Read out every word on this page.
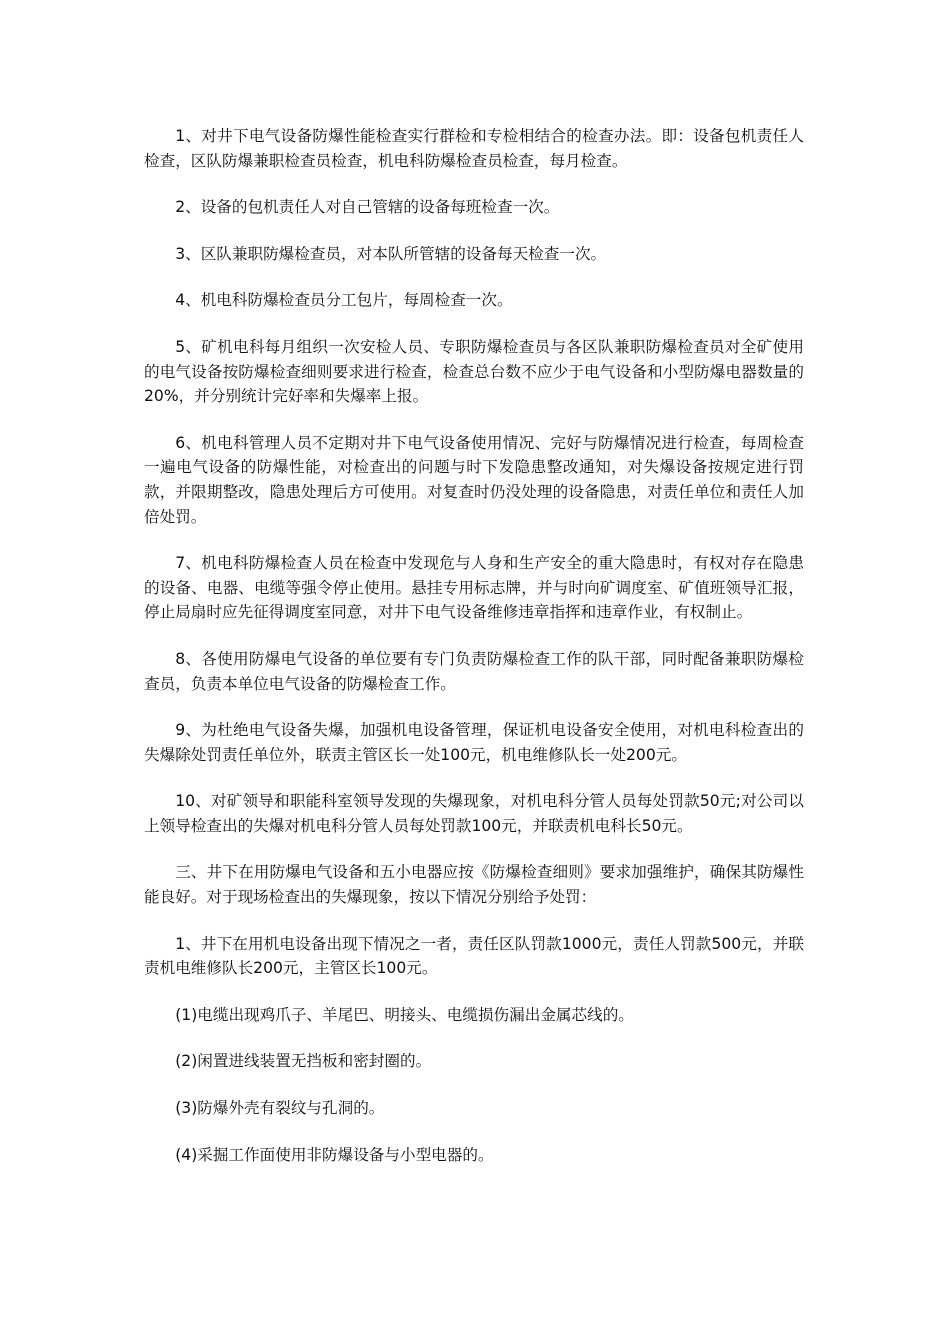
1、对井下电气设备防爆性能检查实行群检和专检相结合的检查办法。即：设备包机责任人检查，区队防爆兼职检查员检查，机电科防爆检查员检查，每月检查。

2、设备的包机责任人对自己管辖的设备每班检查一次。

3、区队兼职防爆检查员，对本队所管辖的设备每天检查一次。

4、机电科防爆检查员分工包片，每周检查一次。

5、矿机电科每月组织一次安检人员、专职防爆检查员与各区队兼职防爆检查员对全矿使用的电气设备按防爆检查细则要求进行检查，检查总台数不应少于电气设备和小型防爆电器数量的20%，并分别统计完好率和失爆率上报。

6、机电科管理人员不定期对井下电气设备使用情况、完好与防爆情况进行检查，每周检查一遍电气设备的防爆性能，对检查出的问题与时下发隐患整改通知，对失爆设备按规定进行罚款，并限期整改，隐患处理后方可使用。对复查时仍没处理的设备隐患，对责任单位和责任人加倍处罚。

7、机电科防爆检查人员在检查中发现危与人身和生产安全的重大隐患时，有权对存在隐患的设备、电器、电缆等强令停止使用。悬挂专用标志牌，并与时向矿调度室、矿值班领导汇报，停止局扇时应先征得调度室同意，对井下电气设备维修违章指挥和违章作业，有权制止。

8、各使用防爆电气设备的单位要有专门负责防爆检查工作的队干部，同时配备兼职防爆检查员，负责本单位电气设备的防爆检查工作。

9、为杜绝电气设备失爆，加强机电设备管理，保证机电设备安全使用，对机电科检查出的失爆除处罚责任单位外，联责主管区长一处100元，机电维修队长一处200元。

10、对矿领导和职能科室领导发现的失爆现象，对机电科分管人员每处罚款50元;对公司以上领导检查出的失爆对机电科分管人员每处罚款100元，并联责机电科长50元。

三、井下在用防爆电气设备和五小电器应按《防爆检查细则》要求加强维护，确保其防爆性能良好。对于现场检查出的失爆现象，按以下情况分别给予处罚：

1、井下在用机电设备出现下情况之一者，责任区队罚款1000元，责任人罚款500元，并联责机电维修队长200元，主管区长100元。

(1)电缆出现鸡爪子、羊尾巴、明接头、电缆损伤漏出金属芯线的。

(2)闲置进线装置无挡板和密封圈的。

(3)防爆外壳有裂纹与孔洞的。

(4)采掘工作面使用非防爆设备与小型电器的。
